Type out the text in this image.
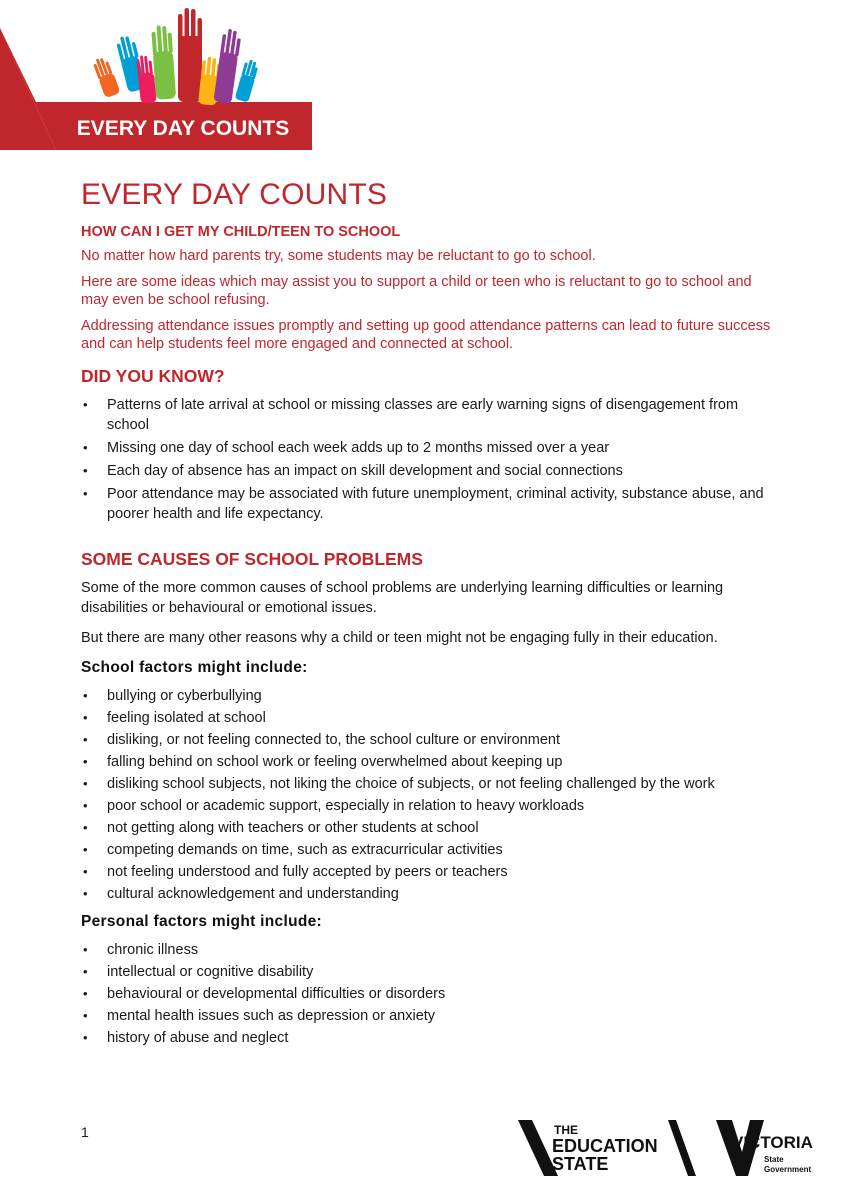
EVERY DAY COUNTS
EVERY DAY COUNTS
HOW CAN I GET MY CHILD/TEEN TO SCHOOL

No matter how hard parents try, some students may be reluctant to go to school.

Here are some ideas which may assist you to support a child or teen who is reluctant to go to school and may even be school refusing.

Addressing attendance issues promptly and setting up good attendance patterns can lead to future success and can help students feel more engaged and connected at school.

DID YOU KNOW?
• Patterns of late arrival at school or missing classes are early warning signs of disengagement from school
• Missing one day of school each week adds up to 2 months missed over a year
• Each day of absence has an impact on skill development and social connections
• Poor attendance may be associated with future unemployment, criminal activity, substance abuse, and poorer health and life expectancy.
SOME CAUSES OF SCHOOL PROBLEMS

Some of the more common causes of school problems are underlying learning difficulties or learning disabilities or behavioural or emotional issues.

But there are many other reasons why a child or teen might not be engaging fully in their education.

School factors might include:
• bullying or cyberbullying
• feeling isolated at school
• disliking, or not feeling connected to, the school culture or environment
• falling behind on school work or feeling overwhelmed about keeping up
• disliking school subjects, not liking the choice of subjects, or not feeling challenged by the work
• poor school or academic support, especially in relation to heavy workloads
• not getting along with teachers or other students at school
• competing demands on time, such as extracurricular activities
• not feeling understood and fully accepted by peers or teachers
• cultural acknowledgement and understanding
Personal factors might include:
• chronic illness
• intellectual or cognitive disability
• behavioural or developmental difficulties or disorders
• mental health issues such as depression or anxiety
• history of abuse and neglect
1	THE
EDUCATION
STATE
VICTORIA
State
Government
